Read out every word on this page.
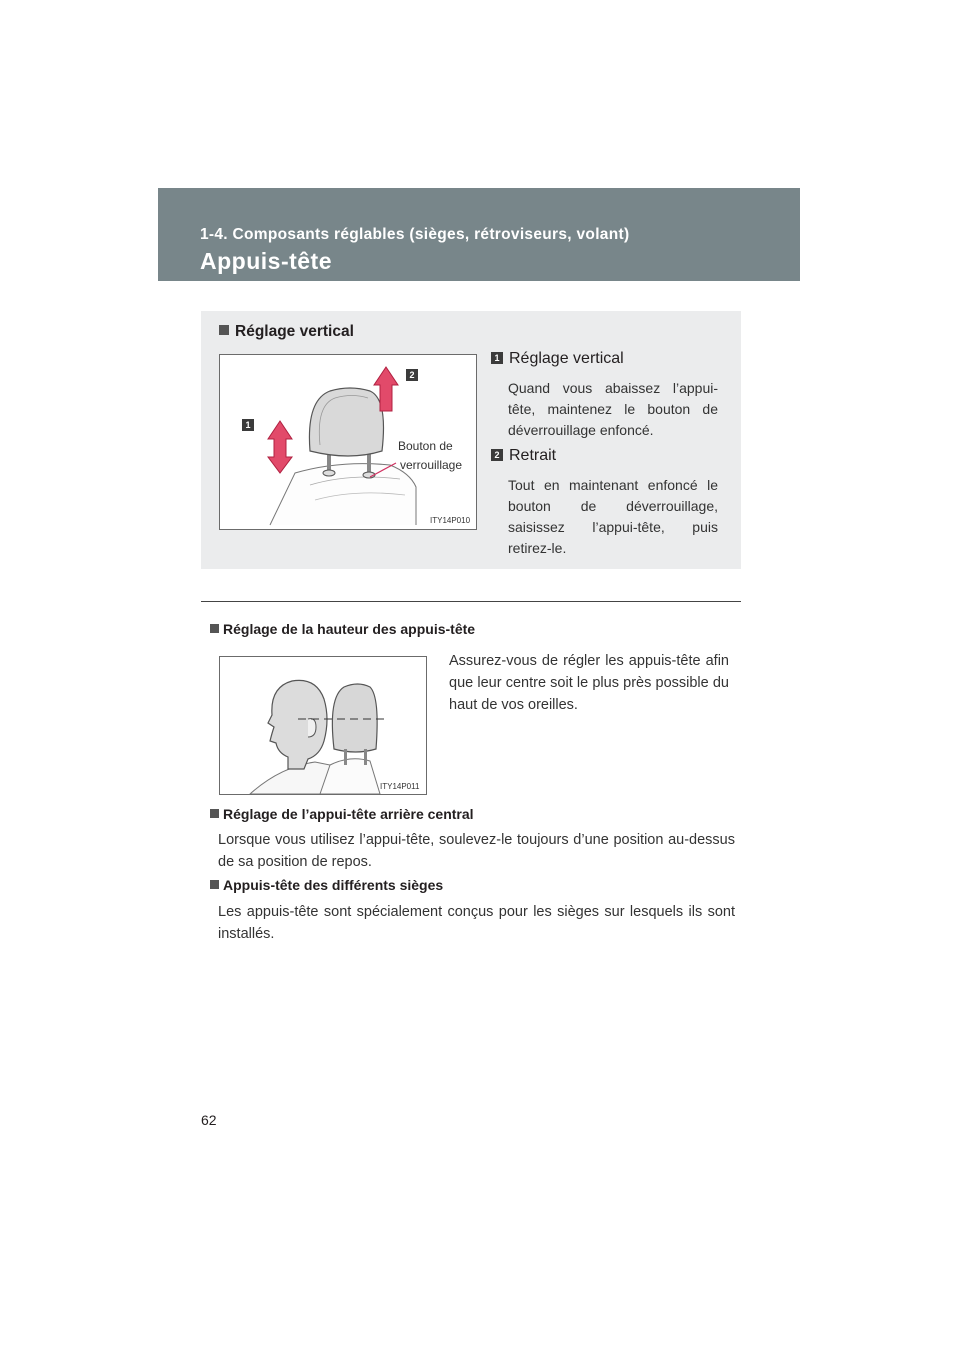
1-4. Composants réglables (sièges, rétroviseurs, volant)
Appuis-tête
Réglage vertical
ITY14P010
1
2
Bouton de
verrouillage
1 Réglage vertical
Quand vous abaissez l’appui-tête, maintenez le bouton de déverrouillage enfoncé.
2 Retrait
Tout en maintenant enfoncé le bouton de déverrouillage, saisissez l’appui-tête, puis retirez-le.
Réglage de la hauteur des appuis-tête
ITY14P011
Assurez-vous de régler les appuis-tête afin que leur centre soit le plus près possible du haut de vos oreilles.
Réglage de l’appui-tête arrière central
Lorsque vous utilisez l’appui-tête, soulevez-le toujours d’une position au-dessus de sa position de repos.
Appuis-tête des différents sièges
Les appuis-tête sont spécialement conçus pour les sièges sur lesquels ils sont installés.
62
